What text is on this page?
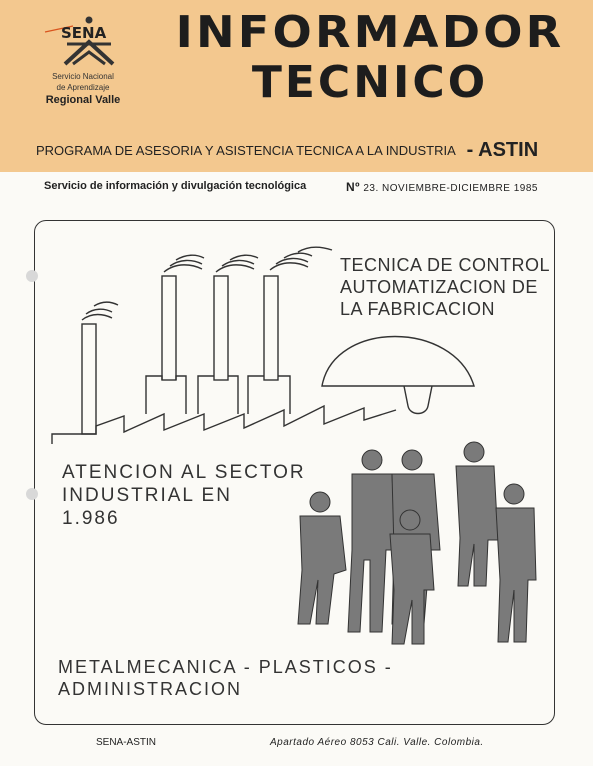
SENA
Servicio Nacional
de Aprendizaje
Regional Valle
INFORMADOR
TECNICO
PROGRAMA DE ASESORIA Y ASISTENCIA TECNICA A LA INDUSTRIA - ASTIN
Servicio de información y divulgación tecnológica	Nº 23. NOVIEMBRE-DICIEMBRE 1985
TECNICA DE CONTROL
AUTOMATIZACION DE
LA FABRICACION
ATENCION AL SECTOR
INDUSTRIAL EN
1.986
METALMECANICA - PLASTICOS -
ADMINISTRACION
SENA-ASTIN	Apartado Aéreo 8053 Cali. Valle. Colombia.
